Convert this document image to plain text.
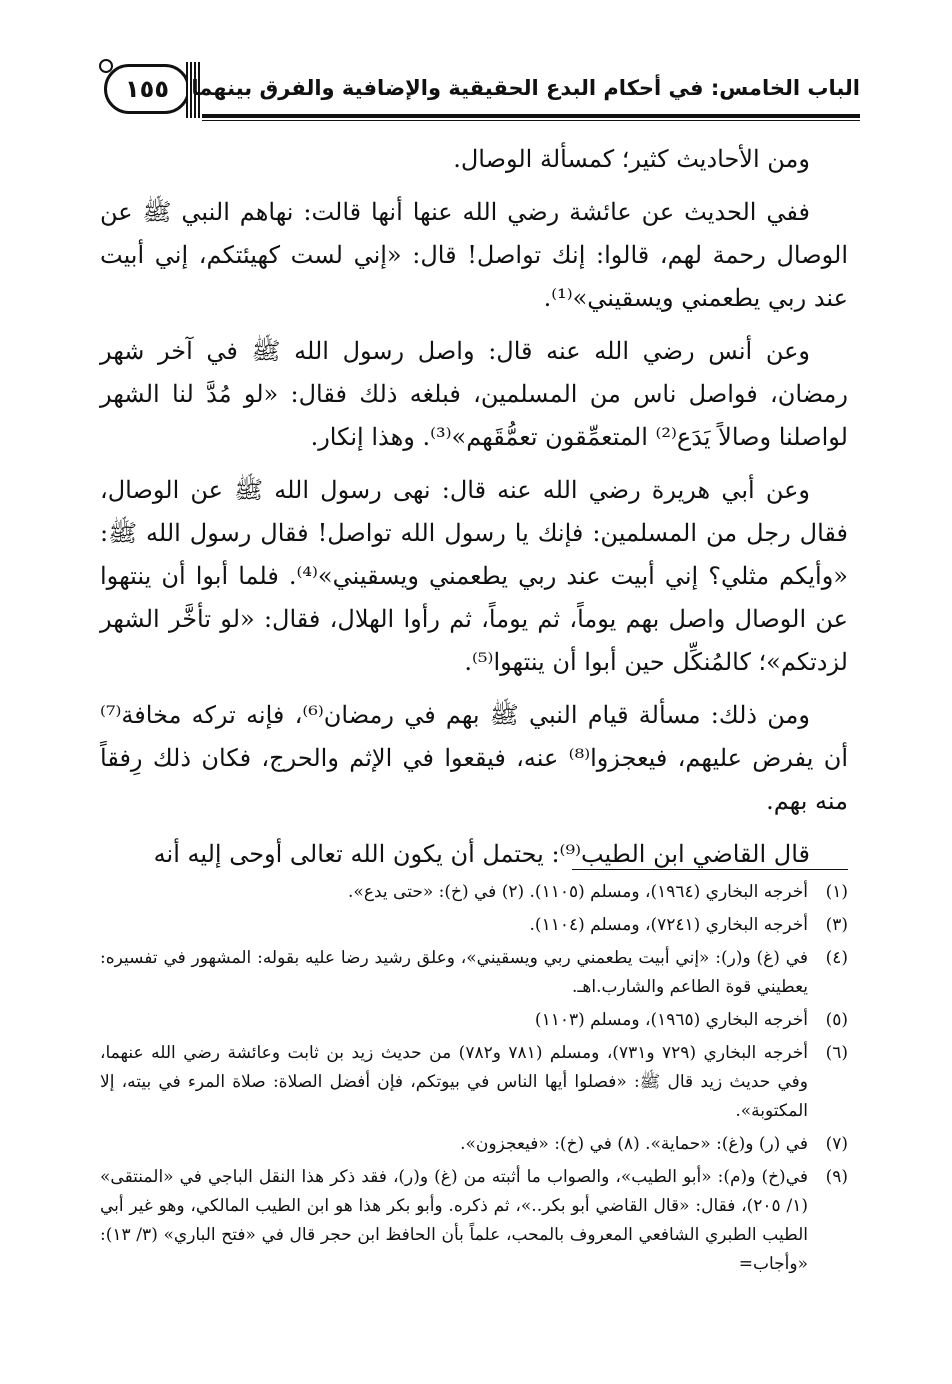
١٥٥ الباب الخامس: في أحكام البدع الحقيقية والإضافية والفرق بينهما

ومن الأحاديث كثير؛ كمسألة الوصال.

ففي الحديث عن عائشة رضي الله عنها أنها قالت: نهاهم النبي ﷺ عن الوصال رحمة لهم، قالوا: إنك تواصل! قال: «إني لست كهيئتكم، إني أبيت عند ربي يطعمني ويسقيني»⁽¹⁾.

وعن أنس رضي الله عنه قال: واصل رسول الله ﷺ في آخر شهر رمضان، فواصل ناس من المسلمين، فبلغه ذلك فقال: «لو مُدَّ لنا الشهر لواصلنا وصالاً يَدَع⁽²⁾ المتعمِّقون تعمُّقَهم»⁽³⁾. وهذا إنكار.

وعن أبي هريرة رضي الله عنه قال: نهى رسول الله ﷺ عن الوصال، فقال رجل من المسلمين: فإنك يا رسول الله تواصل! فقال رسول الله ﷺ: «وأيكم مثلي؟ إني أبيت عند ربي يطعمني ويسقيني»⁽⁴⁾. فلما أبوا أن ينتهوا عن الوصال واصل بهم يوماً، ثم يوماً، ثم رأوا الهلال، فقال: «لو تأخَّر الشهر لزدتكم»؛ كالمُنكِّل حين أبوا أن ينتهوا⁽⁵⁾.

ومن ذلك: مسألة قيام النبي ﷺ بهم في رمضان⁽⁶⁾، فإنه تركه مخافة⁽⁷⁾ أن يفرض عليهم، فيعجزوا⁽⁸⁾ عنه، فيقعوا في الإثم والحرج، فكان ذلك رِفقاً منه بهم.

قال القاضي ابن الطيب⁽⁹⁾: يحتمل أن يكون الله تعالى أوحى إليه أنه

(١)
أخرجه البخاري (١٩٦٤)، ومسلم (١١٠٥). (٢) في (خ): «حتى يدع».
(٣)
أخرجه البخاري (٧٢٤١)، ومسلم (١١٠٤).
(٤)
في (غ) و(ر): «إني أبيت يطعمني ربي ويسقيني»، وعلق رشيد رضا عليه بقوله: المشهور في تفسيره: يعطيني قوة الطاعم والشارب.اهـ.
(٥)
أخرجه البخاري (١٩٦٥)، ومسلم (١١٠٣)
(٦)
أخرجه البخاري (٧٢٩ و٧٣١)، ومسلم (٧٨١ و٧٨٢) من حديث زيد بن ثابت وعائشة رضي الله عنهما، وفي حديث زيد قال ﷺ: «فصلوا أيها الناس في بيوتكم، فإن أفضل الصلاة: صلاة المرء في بيته، إلا المكتوبة».
(٧)
في (ر) و(غ): «حماية». (٨) في (خ): «فيعجزون».
(٩)
في(خ) و(م): «أبو الطيب»، والصواب ما أثبته من (غ) و(ر)، فقد ذكر هذا النقل الباجي في «المنتقى» (١/ ٢٠٥)، فقال: «قال القاضي أبو بكر..»، ثم ذكره. وأبو بكر هذا هو ابن الطيب المالكي، وهو غير أبي الطيب الطبري الشافعي المعروف بالمحب، علماً بأن الحافظ ابن حجر قال في «فتح الباري» (٣/ ١٣): «وأجاب=
